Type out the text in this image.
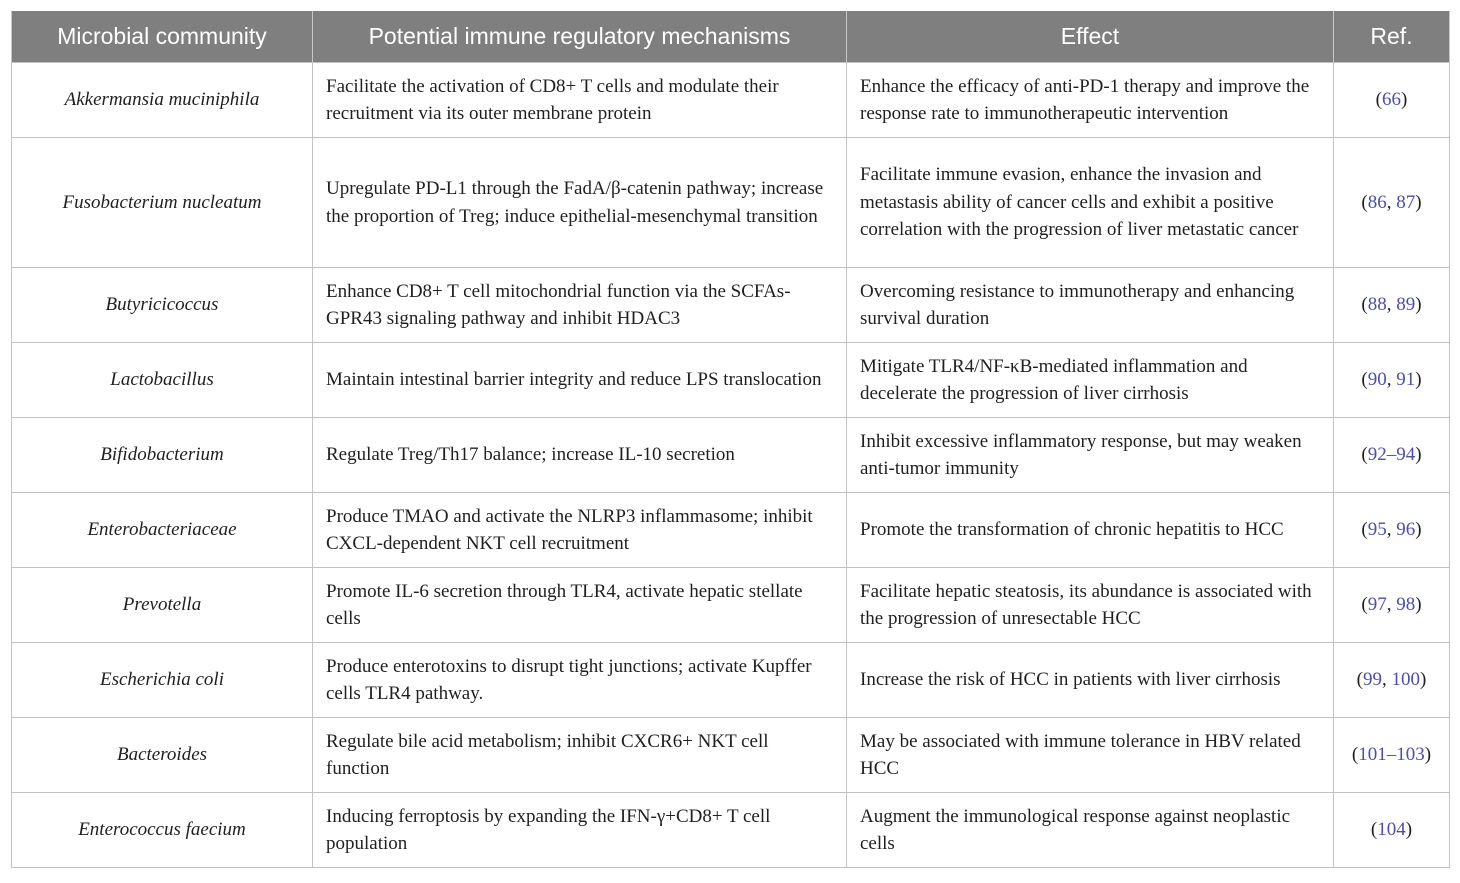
Microbial community	Potential immune regulatory mechanisms	Effect	Ref.
Akkermansia muciniphila	Facilitate the activation of CD8+ T cells and modulate their recruitment via its outer membrane protein	Enhance the efficacy of anti-PD-1 therapy and improve the response rate to immunotherapeutic intervention	(66)
Fusobacterium nucleatum	Upregulate PD-L1 through the FadA/β-catenin pathway; increase the proportion of Treg; induce epithelial-mesenchymal transition	Facilitate immune evasion, enhance the invasion and metastasis ability of cancer cells and exhibit a positive correlation with the progression of liver metastatic cancer	(86, 87)
Butyricicoccus	Enhance CD8+ T cell mitochondrial function via the SCFAs-GPR43 signaling pathway and inhibit HDAC3	Overcoming resistance to immunotherapy and enhancing survival duration	(88, 89)
Lactobacillus	Maintain intestinal barrier integrity and reduce LPS translocation	Mitigate TLR4/NF-κB-mediated inflammation and decelerate the progression of liver cirrhosis	(90, 91)
Bifidobacterium	Regulate Treg/Th17 balance; increase IL-10 secretion	Inhibit excessive inflammatory response, but may weaken anti-tumor immunity	(92–94)
Enterobacteriaceae	Produce TMAO and activate the NLRP3 inflammasome; inhibit CXCL-dependent NKT cell recruitment	Promote the transformation of chronic hepatitis to HCC	(95, 96)
Prevotella	Promote IL-6 secretion through TLR4, activate hepatic stellate cells	Facilitate hepatic steatosis, its abundance is associated with the progression of unresectable HCC	(97, 98)
Escherichia coli	Produce enterotoxins to disrupt tight junctions; activate Kupffer cells TLR4 pathway.	Increase the risk of HCC in patients with liver cirrhosis	(99, 100)
Bacteroides	Regulate bile acid metabolism; inhibit CXCR6+ NKT cell function	May be associated with immune tolerance in HBV related HCC	(101–103)
Enterococcus faecium	Inducing ferroptosis by expanding the IFN-γ+CD8+ T cell population	Augment the immunological response against neoplastic cells	(104)
